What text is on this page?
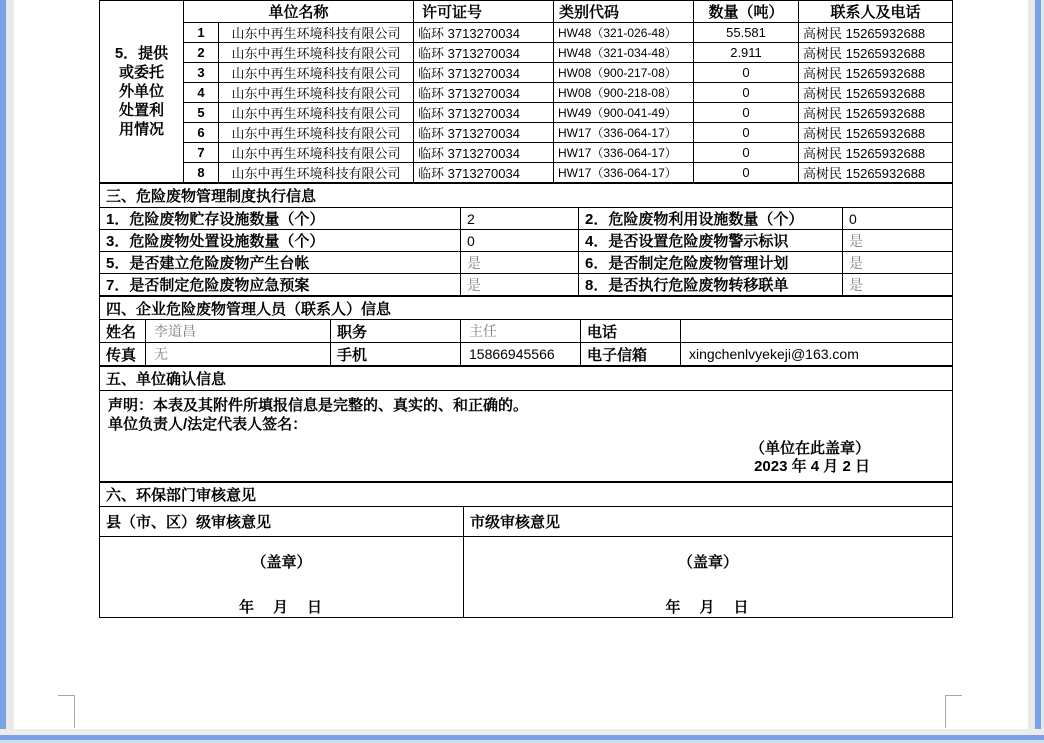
5．提供
或委托
外单位
处置利
用情况	单位名称		许可证号	类别代码	数量（吨）	联系人及电话
	1	山东中再生环境科技有限公司	临环 3713270034	HW48（321-026-48）	55.581	高树民 15265932688
	2	山东中再生环境科技有限公司	临环 3713270034	HW48（321-034-48）	2.911	高树民 15265932688
	3	山东中再生环境科技有限公司	临环 3713270034	HW08（900-217-08）	0	高树民 15265932688
	4	山东中再生环境科技有限公司	临环 3713270034	HW08（900-218-08）	0	高树民 15265932688
	5	山东中再生环境科技有限公司	临环 3713270034	HW49（900-041-49）	0	高树民 15265932688
	6	山东中再生环境科技有限公司	临环 3713270034	HW17（336-064-17）	0	高树民 15265932688
	7	山东中再生环境科技有限公司	临环 3713270034	HW17（336-064-17）	0	高树民 15265932688
	8	山东中再生环境科技有限公司	临环 3713270034	HW17（336-064-17）	0	高树民 15265932688
三、危险废物管理制度执行信息			
1．危险废物贮存设施数量（个）	2	2．危险废物利用设施数量（个）	0
3．危险废物处置设施数量（个）	0	4．是否设置危险废物警示标识	是
5．是否建立危险废物产生台帐	是	6．是否制定危险废物管理计划	是
7．是否制定危险废物应急预案	是	8．是否执行危险废物转移联单	是
四、企业危险废物管理人员（联系人）信息					
姓名	李道昌	职务	主任	电话	
传真	无	手机	15866945566	电子信箱	xingchenlvyekeji@163.com
五、单位确认信息

声明：本表及其附件所填报信息是完整的、真实的、和正确的。
单位负责人/法定代表人签名：
（单位在此盖章）
2023 年 4 月 2 日
六、环保部门审核意见	
县（市、区）级审核意见	市级审核意见

（盖章）
年　月　日

（盖章）
年　月　日
